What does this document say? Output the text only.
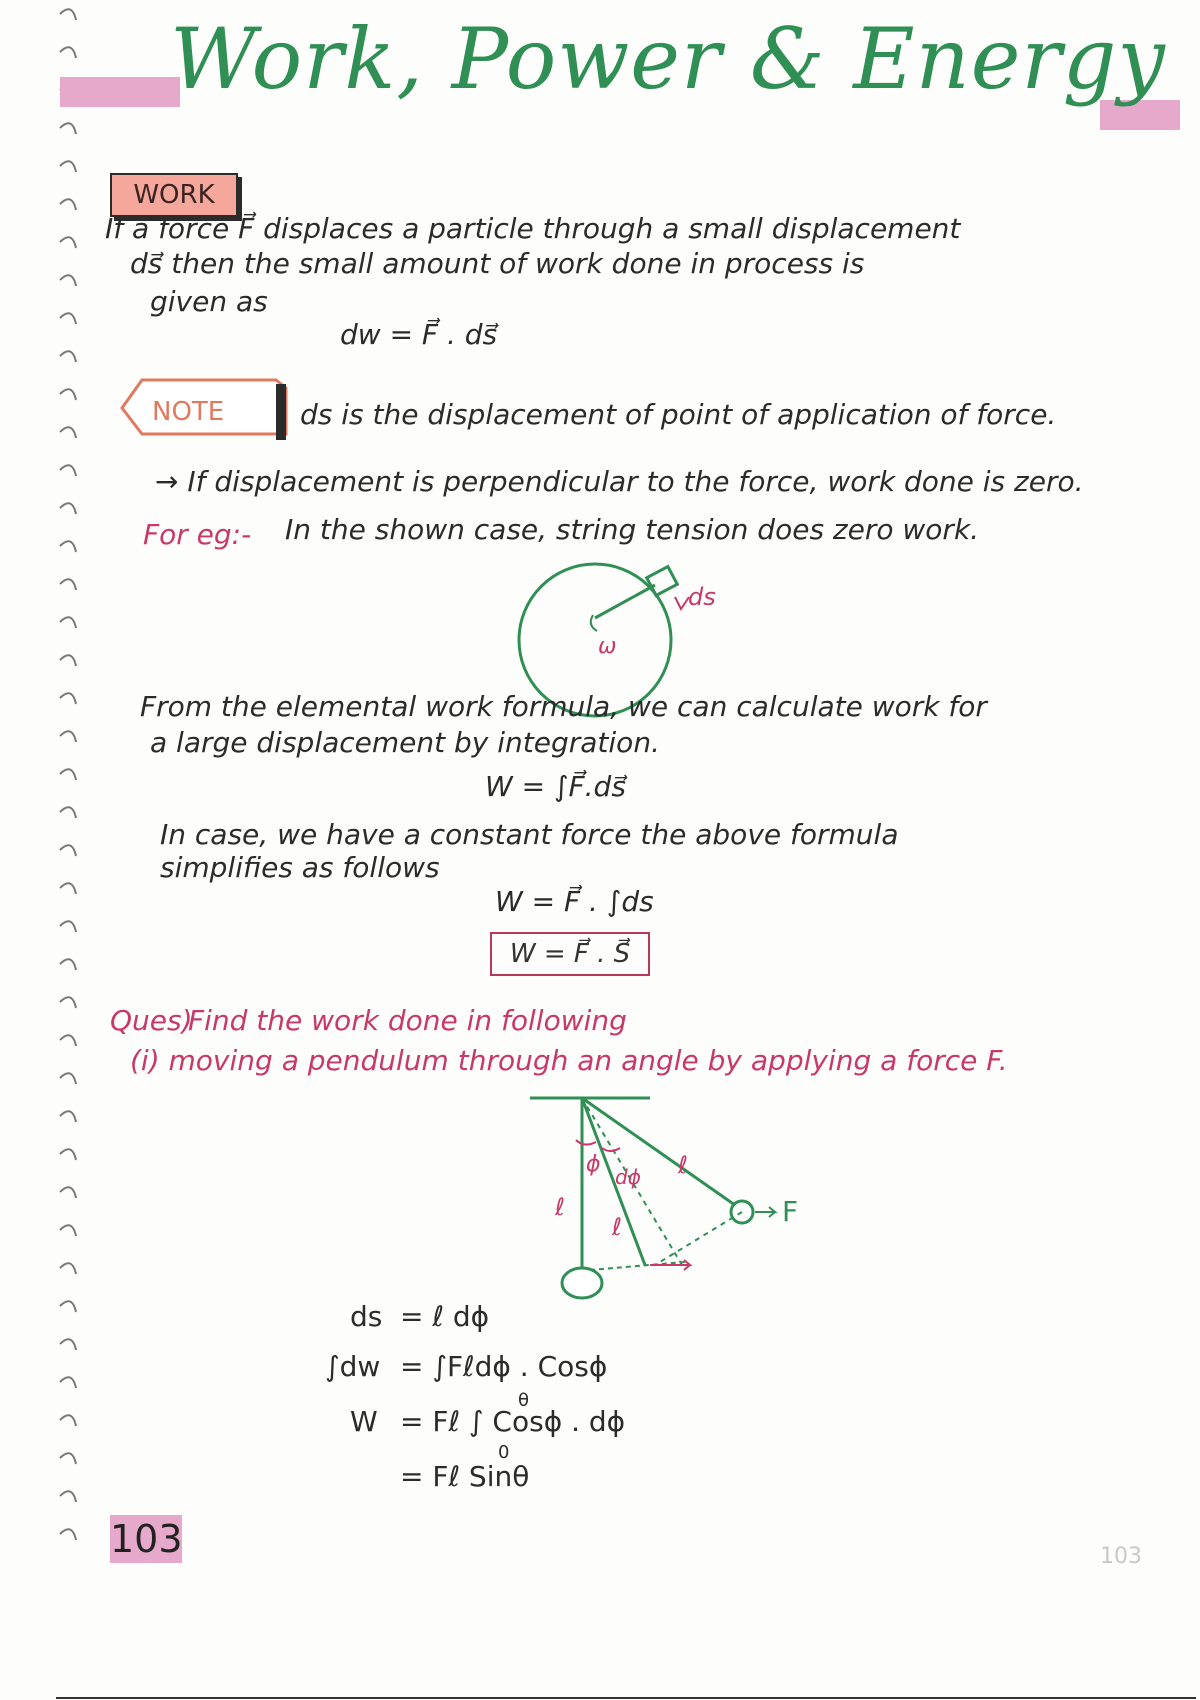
Work, Power & Energy
WORK
If a force F⃗ displaces a particle through a small displacement
ds⃗ then the small amount of work done in process is
given as
dw = F⃗ . ds⃗
NOTE	ds is the displacement of point of application of force.
→ If displacement is perpendicular to the force, work done is zero.
For eg:- In the shown case, string tension does zero work.
ds
ω
From the elemental work formula, we can calculate work for
a large displacement by integration.
W = ∫F⃗.ds⃗
In case, we have a constant force the above formula
simplifies as follows
W = F⃗ . ∫ds
W = F⃗ . S⃗
Ques)
Find the work done in following
(i) moving a pendulum through an angle by applying a force F.
ℓ
ℓ
ℓ
ϕ dϕ
F
ds = ℓ dϕ
∫dw = ∫Fℓdϕ . Cosϕ
θ
W = Fℓ ∫ Cosϕ . dϕ
0
= Fℓ Sinθ
103	103
